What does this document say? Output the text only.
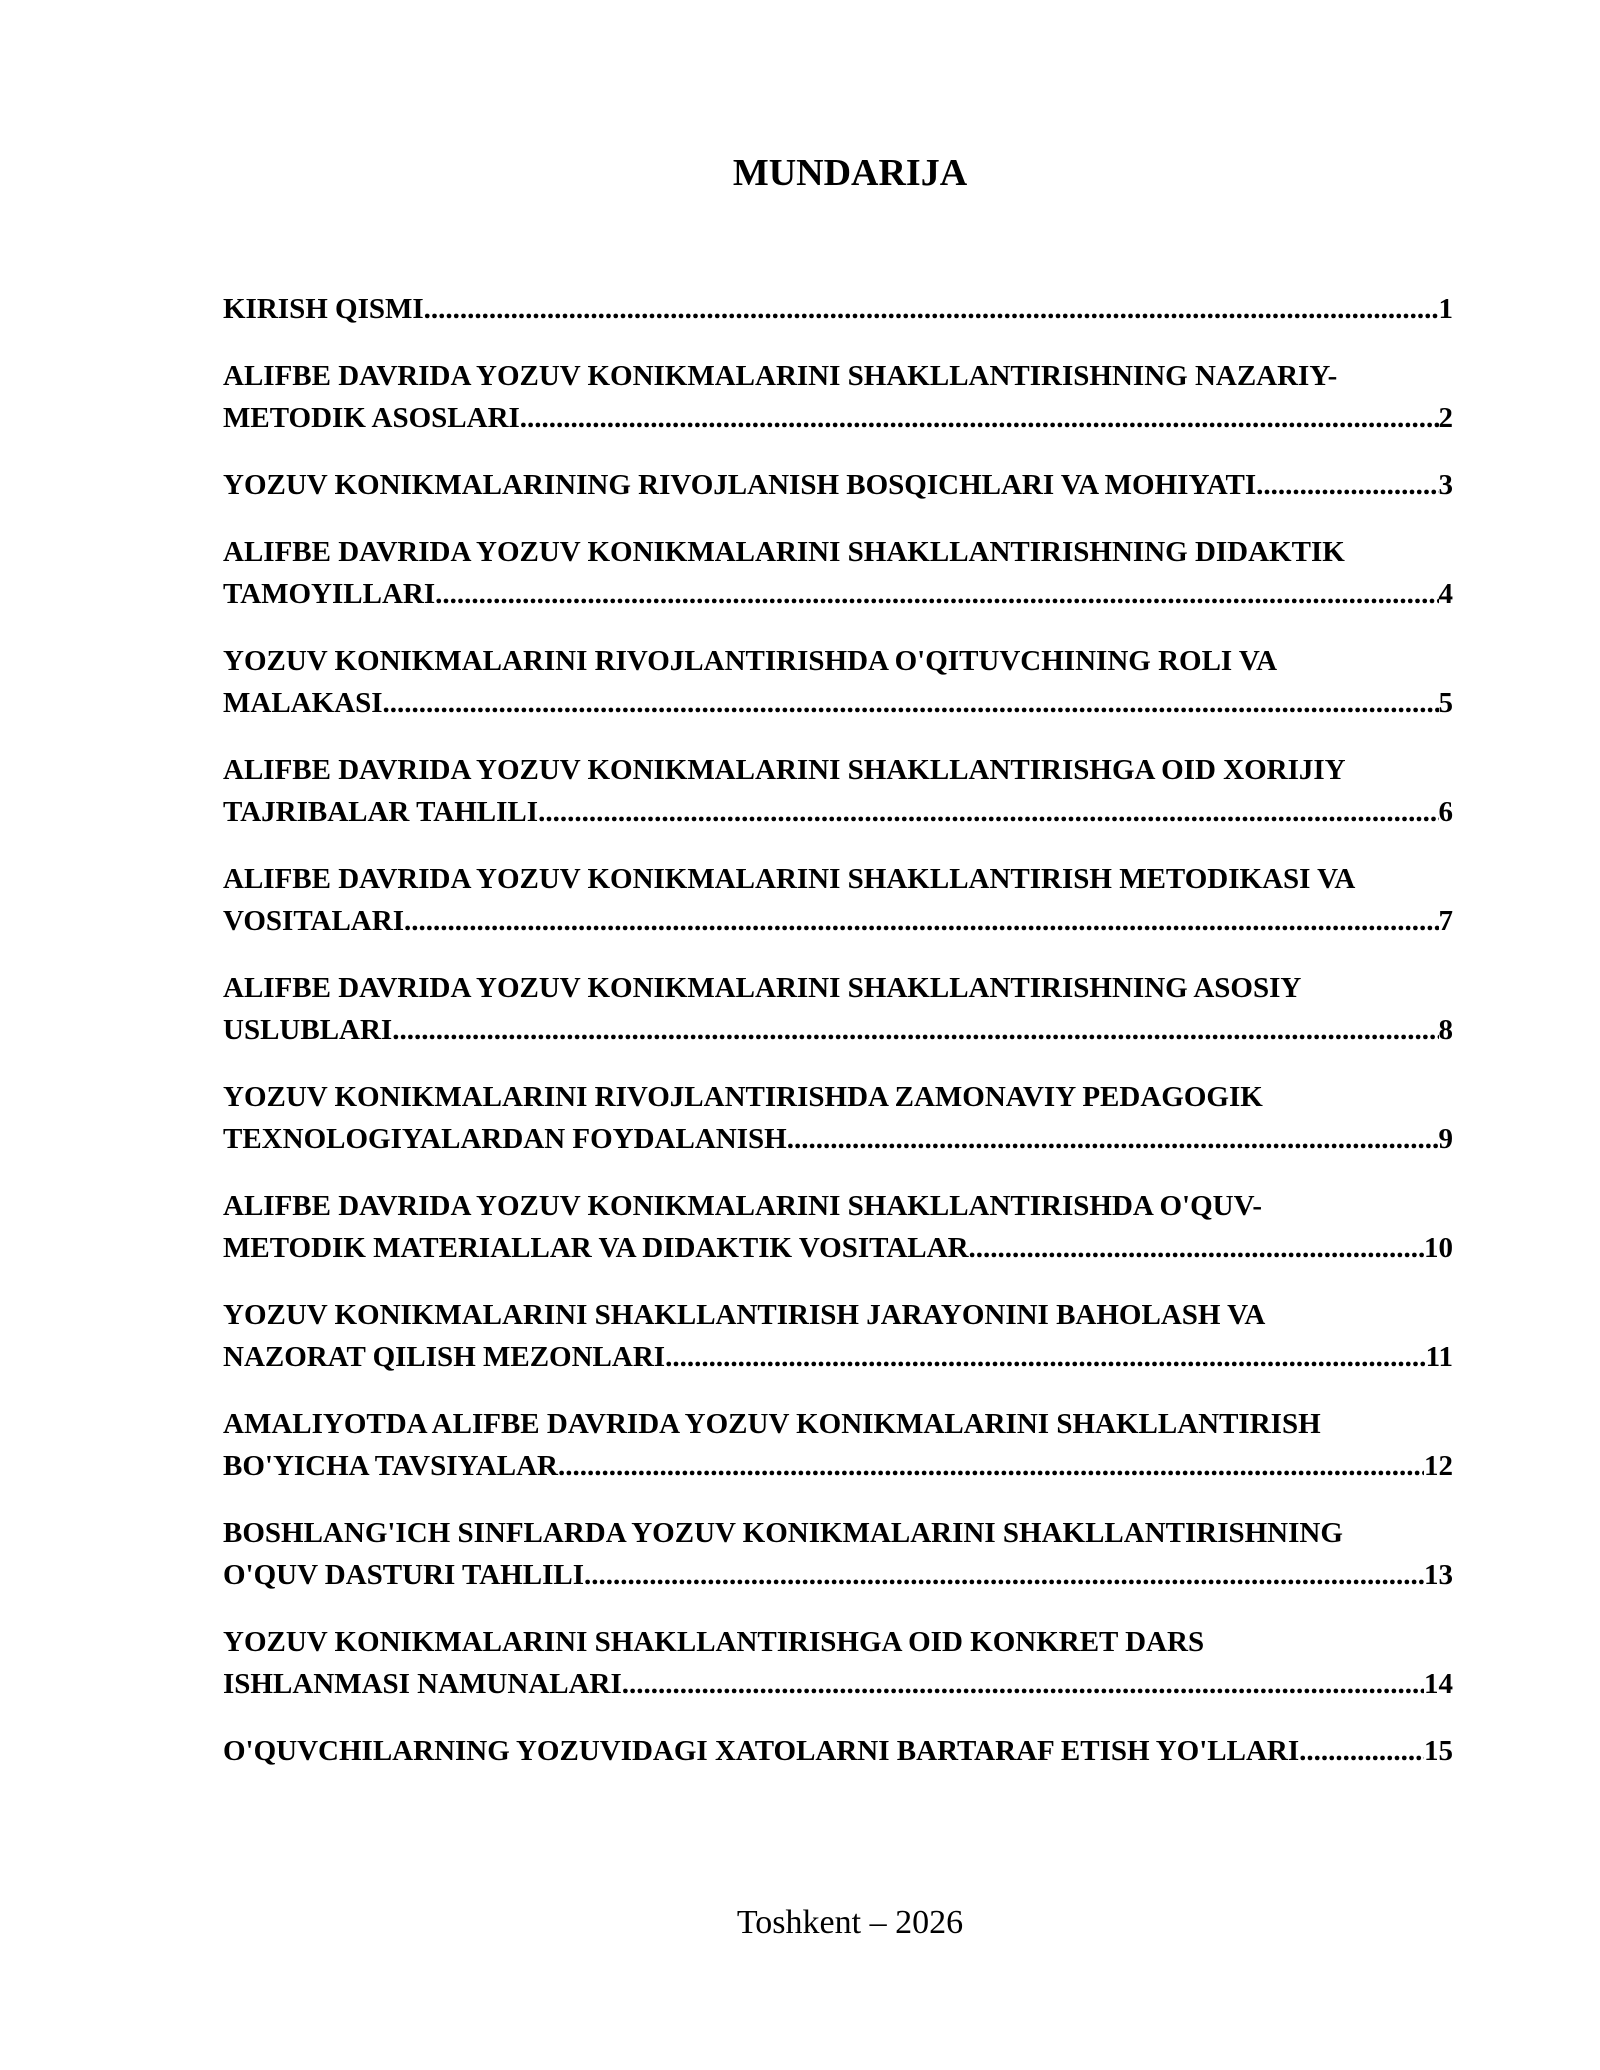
MUNDARIJA
KIRISH QISMI .....	1
ALIFBE DAVRIDA YOZUV KONIKMALARINI SHAKLLANTIRISHNING NAZARIY-
METODIK ASOSLARI .....	2
YOZUV KONIKMALARINING RIVOJLANISH BOSQICHLARI VA MOHIYATI .....	3
ALIFBE DAVRIDA YOZUV KONIKMALARINI SHAKLLANTIRISHNING DIDAKTIK
TAMOYILLARI .....	4
YOZUV KONIKMALARINI RIVOJLANTIRISHDA O'QITUVCHINING ROLI VA
MALAKASI .....	5
ALIFBE DAVRIDA YOZUV KONIKMALARINI SHAKLLANTIRISHGA OID XORIJIY
TAJRIBALAR TAHLILI .....	6
ALIFBE DAVRIDA YOZUV KONIKMALARINI SHAKLLANTIRISH METODIKASI VA
VOSITALARI .....	7
ALIFBE DAVRIDA YOZUV KONIKMALARINI SHAKLLANTIRISHNING ASOSIY
USLUBLARI .....	8
YOZUV KONIKMALARINI RIVOJLANTIRISHDA ZAMONAVIY PEDAGOGIK
TEXNOLOGIYALARDAN FOYDALANISH .....	9
ALIFBE DAVRIDA YOZUV KONIKMALARINI SHAKLLANTIRISHDA O'QUV-
METODIK MATERIALLAR VA DIDAKTIK VOSITALAR .....	10
YOZUV KONIKMALARINI SHAKLLANTIRISH JARAYONINI BAHOLASH VA
NAZORAT QILISH MEZONLARI .....	11
AMALIYOTDA ALIFBE DAVRIDA YOZUV KONIKMALARINI SHAKLLANTIRISH
BO'YICHA TAVSIYALAR .....	12
BOSHLANG'ICH SINFLARDA YOZUV KONIKMALARINI SHAKLLANTIRISHNING
O'QUV DASTURI TAHLILI .....	13
YOZUV KONIKMALARINI SHAKLLANTIRISHGA OID KONKRET DARS
ISHLANMASI NAMUNALARI .....	14
O'QUVCHILARNING YOZUVIDAGI XATOLARNI BARTARAF ETISH YO'LLARI .....	15
Toshkent – 2026
